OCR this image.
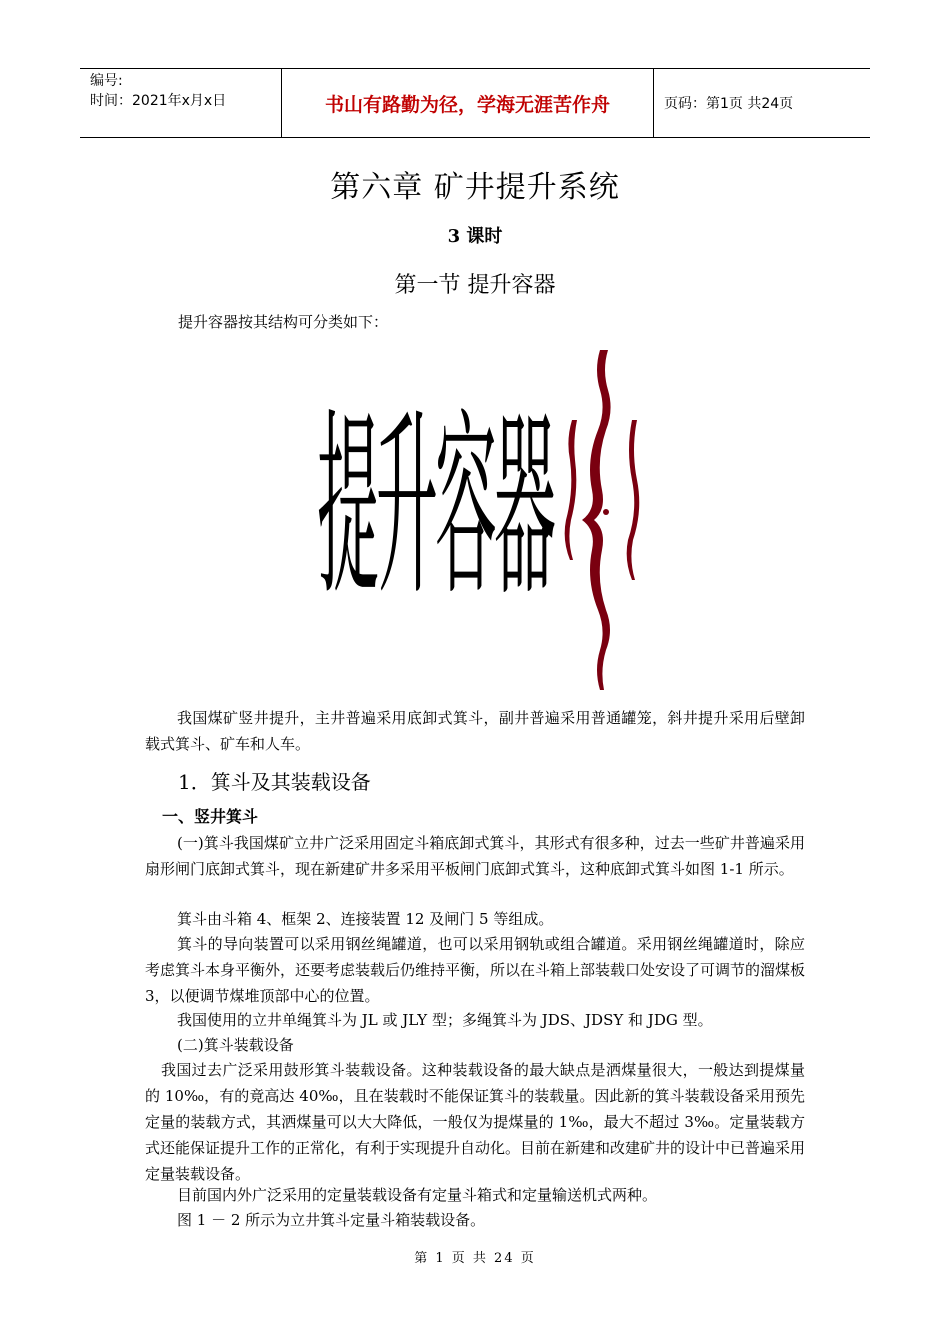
编号:
时间：2021年x月x日	书山有路勤为径，学海无涯苦作舟	页码：第1页 共24页
第六章 矿井提升系统
3 课时
第一节 提升容器
提升容器按其结构可分类如下：
提升容器
我国煤矿竖井提升，主井普遍采用底卸式箕斗，副井普遍采用普通罐笼，斜井提升采用后壁卸载式箕斗、矿车和人车。
1．箕斗及其装载设备
一、竖井箕斗
(一)箕斗我国煤矿立井广泛采用固定斗箱底卸式箕斗，其形式有很多种，过去一些矿井普遍采用扇形闸门底卸式箕斗，现在新建矿井多采用平板闸门底卸式箕斗，这种底卸式箕斗如图 1-1 所示。
箕斗由斗箱 4、框架 2、连接装置 12 及闸门 5 等组成。
箕斗的导向装置可以采用钢丝绳罐道，也可以采用钢轨或组合罐道。采用钢丝绳罐道时，除应考虑箕斗本身平衡外，还要考虑装载后仍维持平衡，所以在斗箱上部装载口处安设了可调节的溜煤板 3，以便调节煤堆顶部中心的位置。
我国使用的立井单绳箕斗为 JL 或 JLY 型；多绳箕斗为 JDS、JDSY 和 JDG 型。
(二)箕斗装载设备
我国过去广泛采用鼓形箕斗装载设备。这种装载设备的最大缺点是洒煤量很大，一般达到提煤量的 10‰，有的竟高达 40‰，且在装载时不能保证箕斗的装载量。因此新的箕斗装载设备采用预先定量的装载方式，其洒煤量可以大大降低，一般仅为提煤量的 1‰，最大不超过 3‰。定量装载方式还能保证提升工作的正常化，有利于实现提升自动化。目前在新建和改建矿井的设计中已普遍采用定量装载设备。
目前国内外广泛采用的定量装载设备有定量斗箱式和定量输送机式两种。
图 1 － 2 所示为立井箕斗定量斗箱装载设备。
第 1 页 共 24 页
